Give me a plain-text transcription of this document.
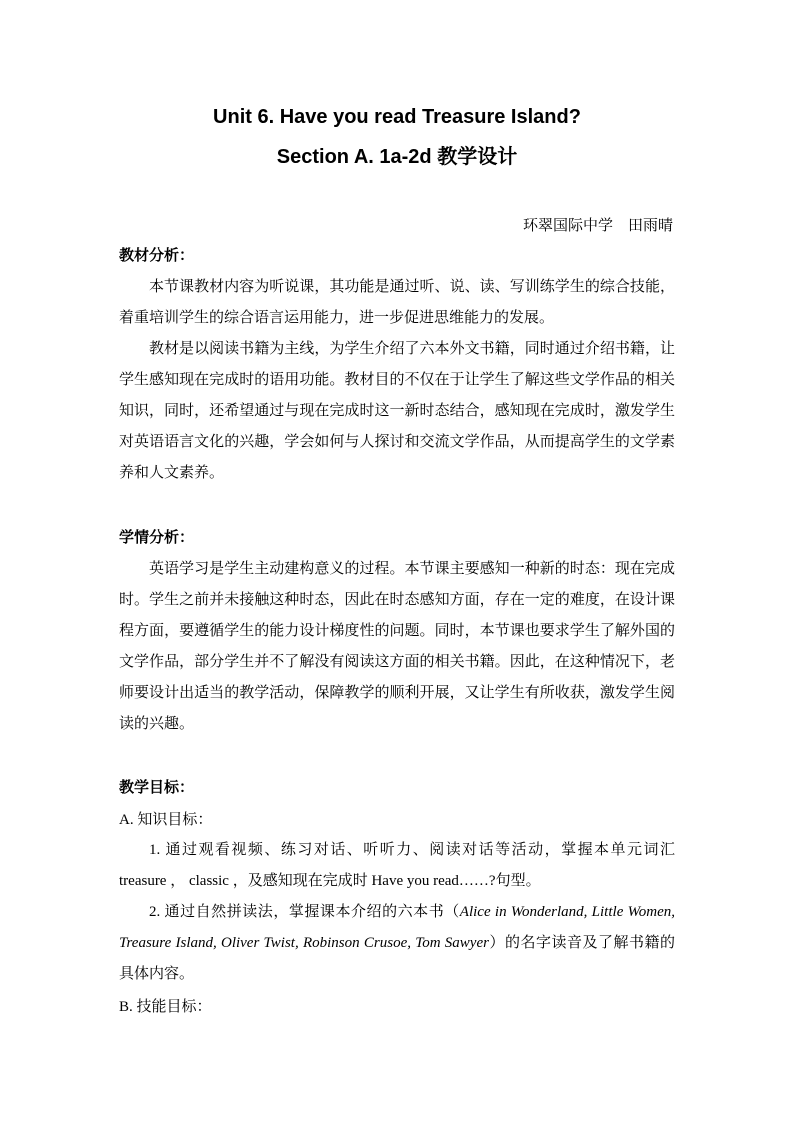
Unit 6. Have you read Treasure Island?
Section A. 1a-2d 教学设计
环翠国际中学    田雨晴
教材分析：

本节课教材内容为听说课，其功能是通过听、说、读、写训练学生的综合技能，着重培训学生的综合语言运用能力，进一步促进思维能力的发展。

教材是以阅读书籍为主线，为学生介绍了六本外文书籍，同时通过介绍书籍，让学生感知现在完成时的语用功能。教材目的不仅在于让学生了解这些文学作品的相关知识，同时，还希望通过与现在完成时这一新时态结合，感知现在完成时，激发学生对英语语言文化的兴趣，学会如何与人探讨和交流文学作品，从而提高学生的文学素养和人文素养。

学情分析：

英语学习是学生主动建构意义的过程。本节课主要感知一种新的时态：现在完成时。学生之前并未接触这种时态，因此在时态感知方面，存在一定的难度，在设计课程方面，要遵循学生的能力设计梯度性的问题。同时，本节课也要求学生了解外国的文学作品，部分学生并不了解没有阅读这方面的相关书籍。因此，在这种情况下，老师要设计出适当的教学活动，保障教学的顺利开展，又让学生有所收获，激发学生阅读的兴趣。

教学目标：
A. 知识目标：

1. 通过观看视频、练习对话、听听力、阅读对话等活动，掌握本单元词汇 treasure ， classic ，及感知现在完成时 Have you read……?句型。

2. 通过自然拼读法，掌握课本介绍的六本书（Alice in Wonderland, Little Women, Treasure Island, Oliver Twist, Robinson Crusoe, Tom Sawyer）的名字读音及了解书籍的具体内容。

B. 技能目标：
